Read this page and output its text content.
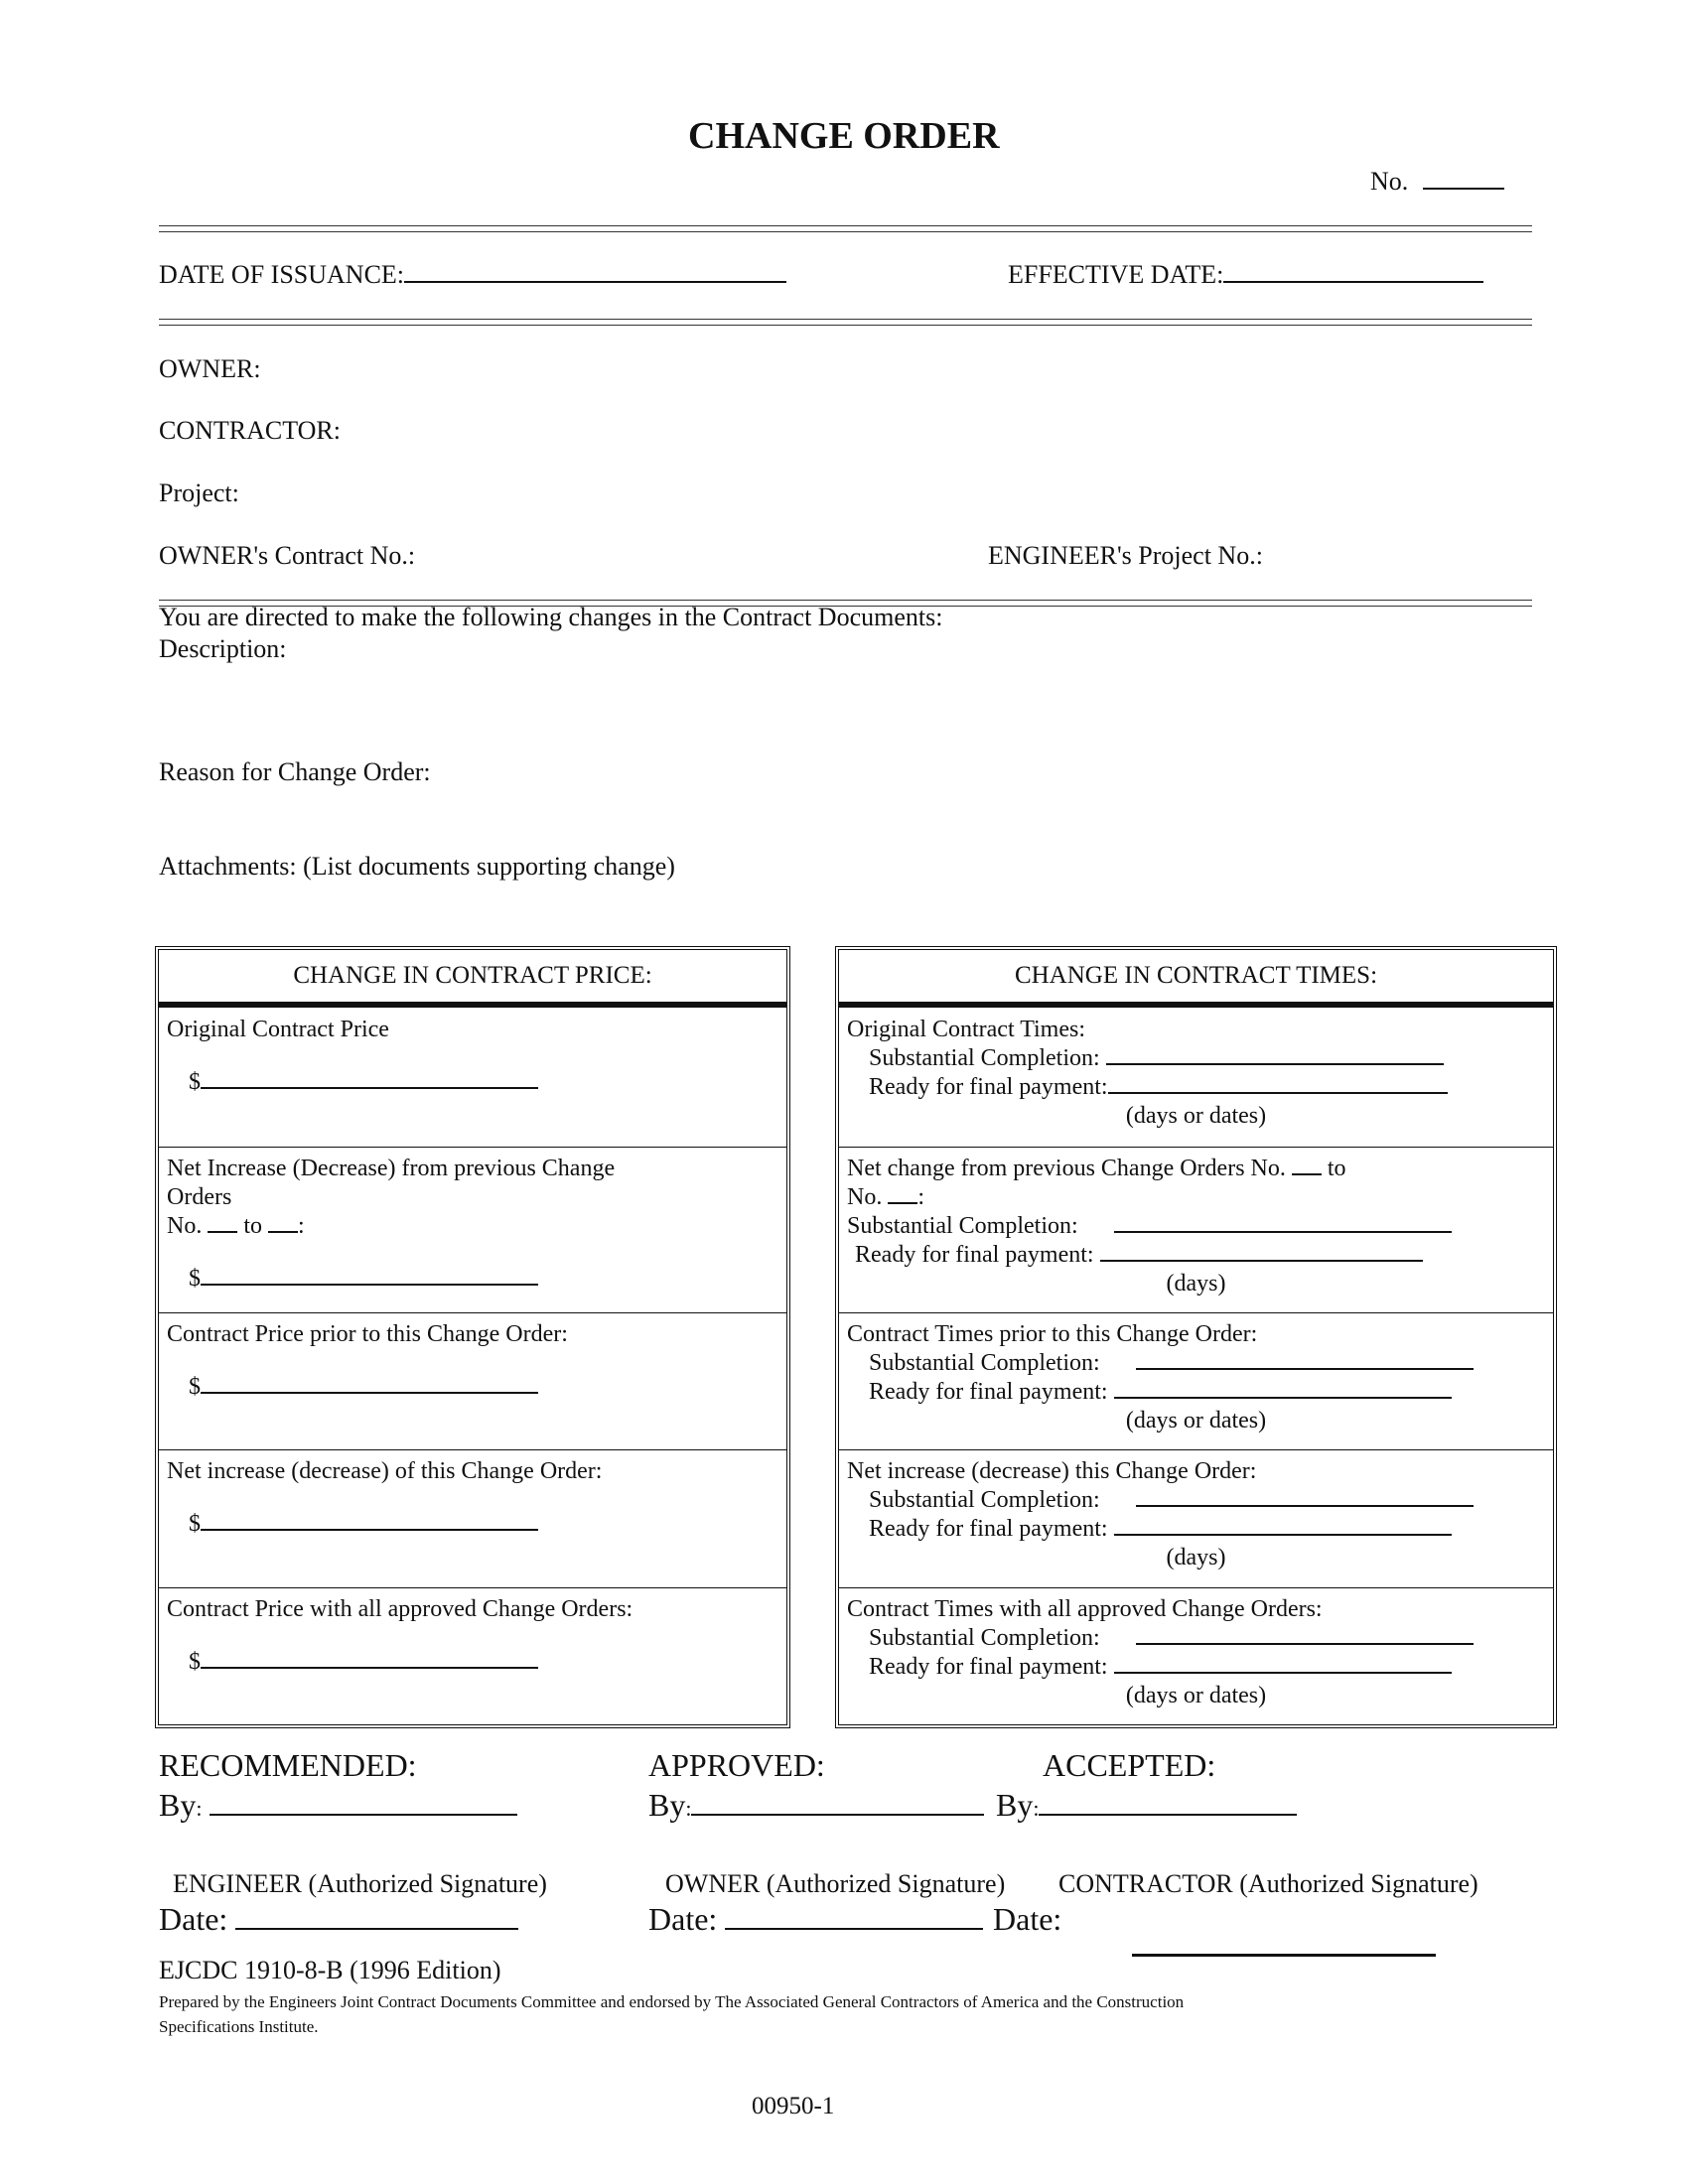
CHANGE ORDER
No.
DATE OF ISSUANCE:	EFFECTIVE DATE:
OWNER:
CONTRACTOR:
Project:
OWNER's Contract No.:	ENGINEER's Project No.:
You are directed to make the following changes in the Contract Documents:
Description:
Reason for Change Order:
Attachments: (List documents supporting change)
CHANGE IN CONTRACT PRICE:
Original Contract Price
$
Net Increase (Decrease) from previous Change
Orders
No. to :
$
Contract Price prior to this Change Order:
$
Net increase (decrease) of this Change Order:
$
Contract Price with all approved Change Orders:
$
CHANGE IN CONTRACT TIMES:
Original Contract Times:
Substantial Completion:
Ready for final payment:
(days or dates)
Net change from previous Change Orders No. to
No. :
Substantial Completion:
Ready for final payment:
(days)
Contract Times prior to this Change Order:
Substantial Completion:
Ready for final payment:
(days or dates)
Net increase (decrease) this Change Order:
Substantial Completion:
Ready for final payment:
(days)
Contract Times with all approved Change Orders:
Substantial Completion:
Ready for final payment:
(days or dates)
RECOMMENDED:	APPROVED:	ACCEPTED:
By:	By:	By:
ENGINEER (Authorized Signature)	OWNER (Authorized Signature) CONTRACTOR (Authorized Signature)
Date:	Date:	Date:
EJCDC 1910-8-B (1996 Edition)
Prepared by the Engineers Joint Contract Documents Committee and endorsed by The Associated General Contractors of America and the Construction
Specifications Institute.
00950-1
